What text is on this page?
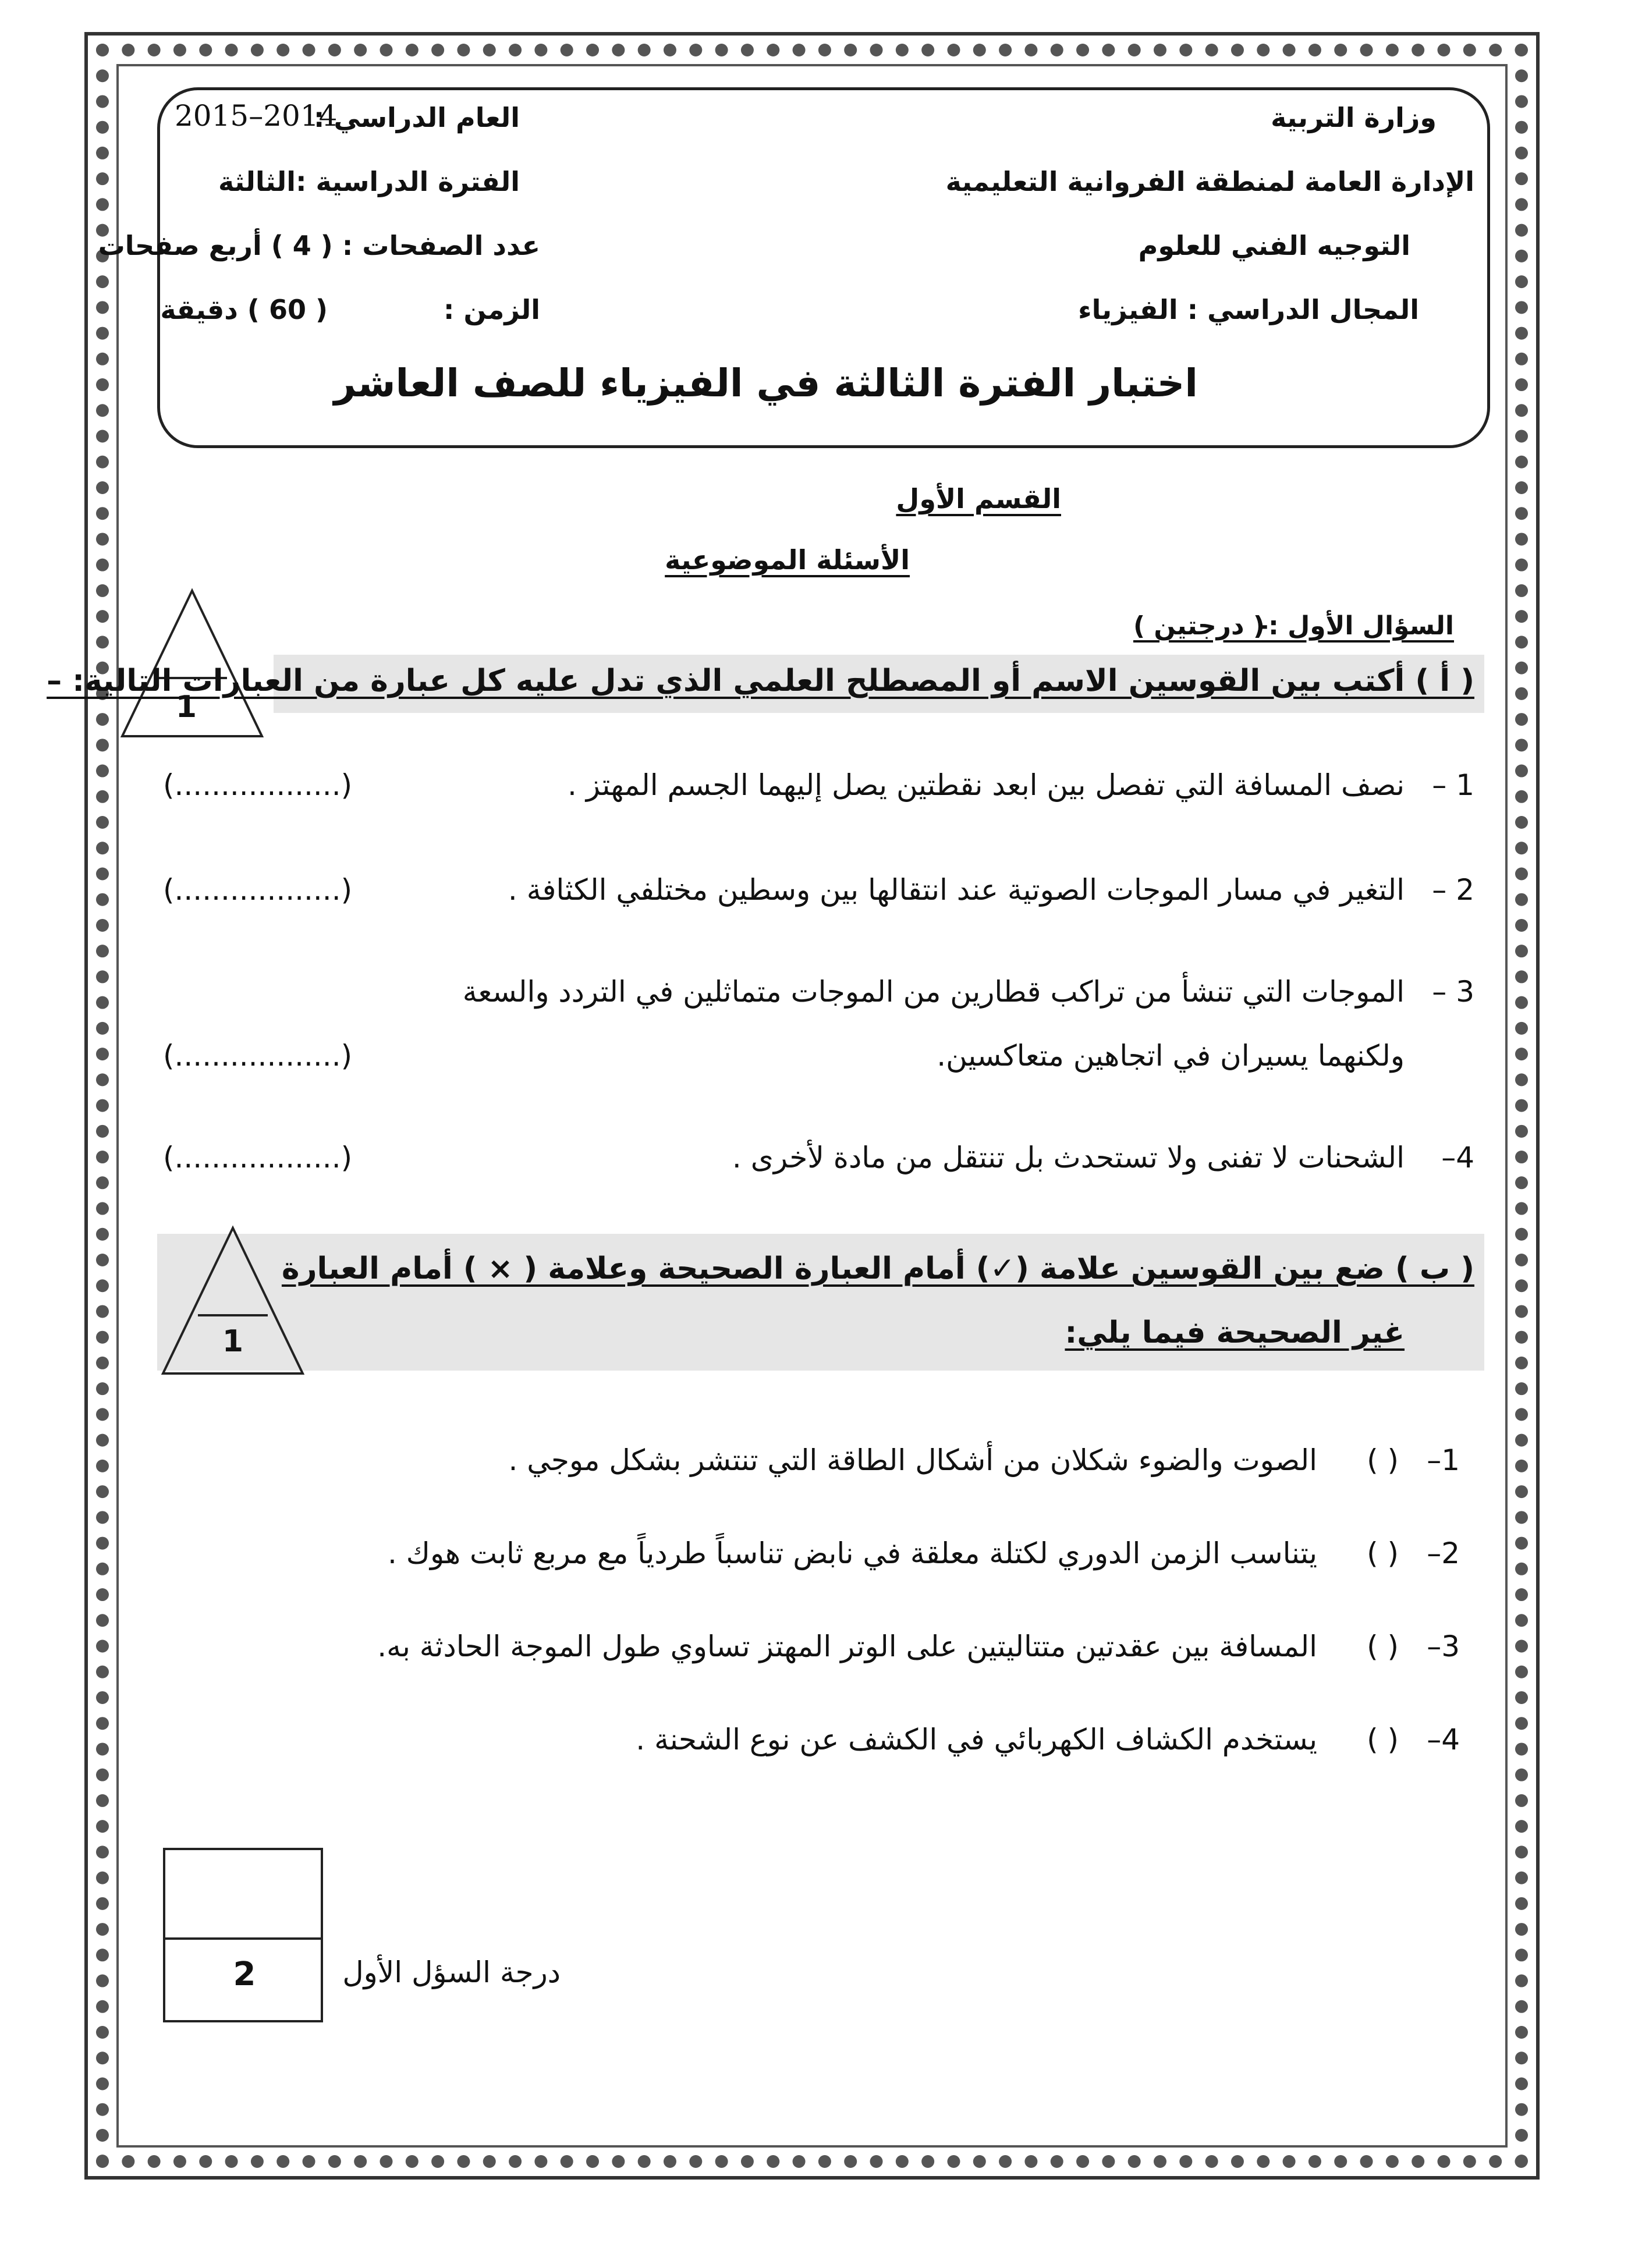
وزارة التربية
الإدارة العامة لمنطقة الفروانية التعليمية
التوجيه الفني للعلوم
المجال الدراسي : الفيزياء
العام الدراسي :
2015–2014
الفترة الدراسية :
الثالثة
عدد الصفحات : ( 4 ) أربع صفحات
الزمن :
( 60 ) دقيقة
اختبار الفترة الثالثة في الفيزياء للصف العاشر
القسم الأول
الأسئلة الموضوعية
السؤال الأول :-
( درجتين )
1
( أ ) أكتب بين القوسين الاسم أو المصطلح العلمي الذي تدل عليه كل عبارة من العبارات التالية: –
1 –
نصف المسافة التي تفصل بين ابعد نقطتين يصل إليهما الجسم المهتز .
(..................)
2 –
التغير في مسار الموجات الصوتية عند انتقالها بين وسطين مختلفي الكثافة .
(..................)
3 –
الموجات التي تنشأ من تراكب قطارين من الموجات متماثلين في التردد والسعة
ولكنهما يسيران في اتجاهين متعاكسين.
(..................)
4–
الشحنات لا تفنى ولا تستحدث بل تنتقل من مادة لأخرى .
(..................)
1
( ب ) ضع بين القوسين علامة (✓) أمام العبارة الصحيحة وعلامة ( × ) أمام العبارة
غير الصحيحة فيما يلي:
1–
( )
الصوت والضوء شكلان من أشكال الطاقة التي تنتشر بشكل موجي .
2–
( )
يتناسب الزمن الدوري لكتلة معلقة في نابض تناسباً طردياً مع مربع ثابت هوك .
3–
( )
المسافة بين عقدتين متتاليتين على الوتر المهتز تساوي طول الموجة الحادثة به.
4–
( )
يستخدم الكشاف الكهربائي في الكشف عن نوع الشحنة .
2	درجة السؤل الأول
